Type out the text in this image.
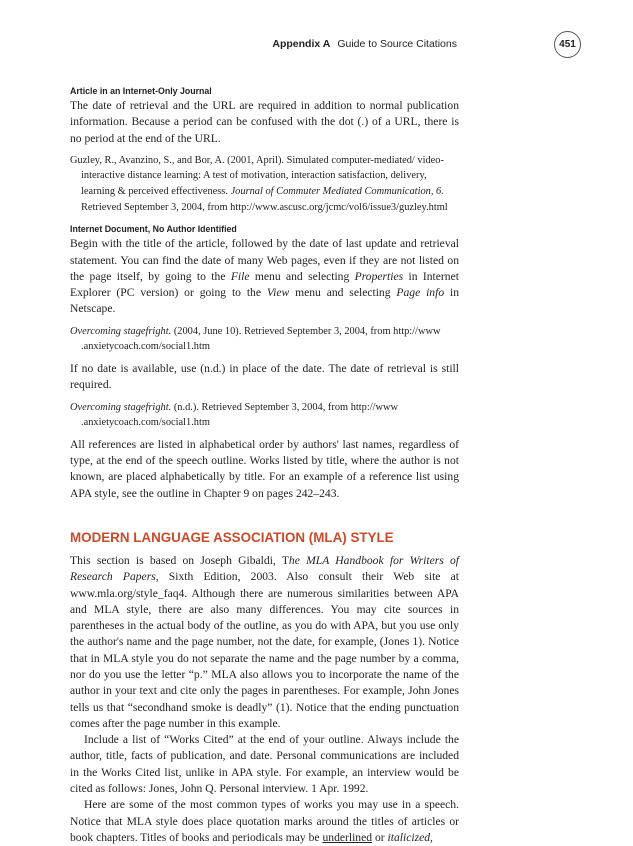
Appendix A Guide to Source Citations	451
Article in an Internet-Only Journal

The date of retrieval and the URL are required in addition to normal publication information. Because a period can be confused with the dot (.) of a URL, there is no period at the end of the URL.

Guzley, R., Avanzino, S., and Bor, A. (2001, April). Simulated computer-mediated/ video-interactive distance learning: A test of motivation, interaction satisfaction, delivery, learning & perceived effectiveness. Journal of Commuter Mediated Communication, 6. Retrieved September 3, 2004, from http://www.ascusc.org/jcmc/vol6/issue3/guzley.html

Internet Document, No Author Identified

Begin with the title of the article, followed by the date of last update and retrieval statement. You can find the date of many Web pages, even if they are not listed on the page itself, by going to the File menu and selecting Properties in Internet Explorer (PC version) or going to the View menu and selecting Page info in Netscape.

Overcoming stagefright. (2004, June 10). Retrieved September 3, 2004, from http://www .anxietycoach.com/social1.htm

If no date is available, use (n.d.) in place of the date. The date of retrieval is still required.

Overcoming stagefright. (n.d.). Retrieved September 3, 2004, from http://www .anxietycoach.com/social1.htm

All references are listed in alphabetical order by authors' last names, regardless of type, at the end of the speech outline. Works listed by title, where the author is not known, are placed alphabetically by title. For an example of a reference list using APA style, see the outline in Chapter 9 on pages 242–243.

MODERN LANGUAGE ASSOCIATION (MLA) STYLE

This section is based on Joseph Gibaldi, The MLA Handbook for Writers of Research Papers, Sixth Edition, 2003. Also consult their Web site at www.mla.org/style_faq4. Although there are numerous similarities between APA and MLA style, there are also many differences. You may cite sources in parentheses in the actual body of the outline, as you do with APA, but you use only the author's name and the page number, not the date, for example, (Jones 1). Notice that in MLA style you do not separate the name and the page number by a comma, nor do you use the letter “p.” MLA also allows you to incorporate the name of the author in your text and cite only the pages in parentheses. For example, John Jones tells us that “secondhand smoke is deadly” (1). Notice that the ending punctuation comes after the page number in this example.

Include a list of “Works Cited” at the end of your outline. Always include the author, title, facts of publication, and date. Personal communications are included in the Works Cited list, unlike in APA style. For example, an interview would be cited as follows: Jones, John Q. Personal interview. 1 Apr. 1992.

Here are some of the most common types of works you may use in a speech. Notice that MLA style does place quotation marks around the titles of articles or book chapters. Titles of books and periodicals may be underlined or italicized,
